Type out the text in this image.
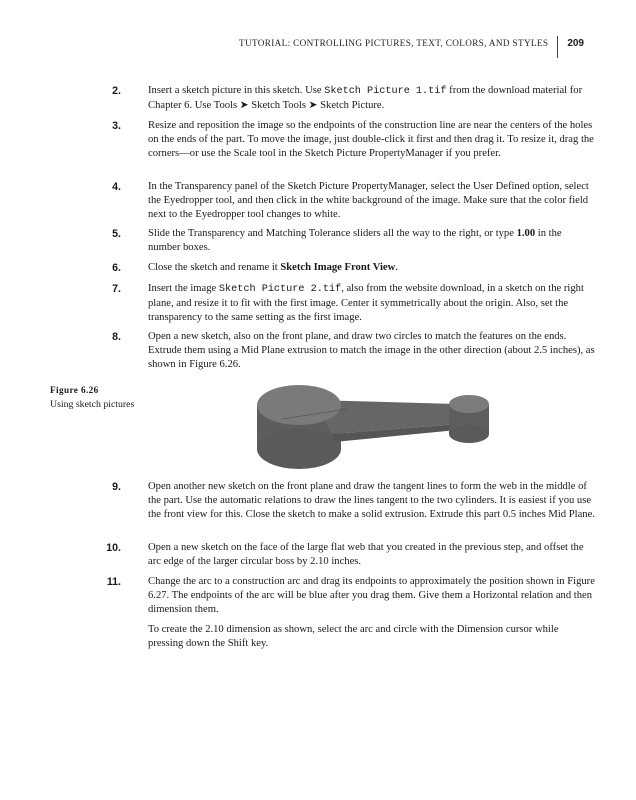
TUTORIAL: CONTROLLING PICTURES, TEXT, COLORS, AND STYLES 209
2.	Insert a sketch picture in this sketch. Use Sketch Picture 1.tif from the download material for Chapter 6. Use Tools ➤ Sketch Tools ➤ Sketch Picture.
3.	Resize and reposition the image so the endpoints of the construction line are near the centers of the holes on the ends of the part. To move the image, just double-click it first and then drag it. To resize it, drag the corners—or use the Scale tool in the Sketch Picture PropertyManager if you prefer.
4.	In the Transparency panel of the Sketch Picture PropertyManager, select the User Defined option, select the Eyedropper tool, and then click in the white background of the image. Make sure that the color field next to the Eyedropper tool changes to white.
5.	Slide the Transparency and Matching Tolerance sliders all the way to the right, or type 1.00 in the number boxes.
6.	Close the sketch and rename it Sketch Image Front View.
7.	Insert the image Sketch Picture 2.tif, also from the website download, in a sketch on the right plane, and resize it to fit with the first image. Center it symmetrically about the origin. Also, set the transparency to the same setting as the first image.
8.	Open a new sketch, also on the front plane, and draw two circles to match the features on the ends. Extrude them using a Mid Plane extrusion to match the image in the other direction (about 2.5 inches), as shown in Figure 6.26.
Figure 6.26
Using sketch pictures
9.	Open another new sketch on the front plane and draw the tangent lines to form the web in the middle of the part. Use the automatic relations to draw the lines tangent to the two cylinders. It is easiest if you use the front view for this. Close the sketch to make a solid extrusion. Extrude this part 0.5 inches Mid Plane.
10.	Open a new sketch on the face of the large flat web that you created in the previous step, and offset the arc edge of the larger circular boss by 2.10 inches.
11.	Change the arc to a construction arc and drag its endpoints to approximately the position shown in Figure 6.27. The endpoints of the arc will be blue after you drag them. Give them a Horizontal relation and then dimension them.
To create the 2.10 dimension as shown, select the arc and circle with the Dimension cursor while pressing down the Shift key.
